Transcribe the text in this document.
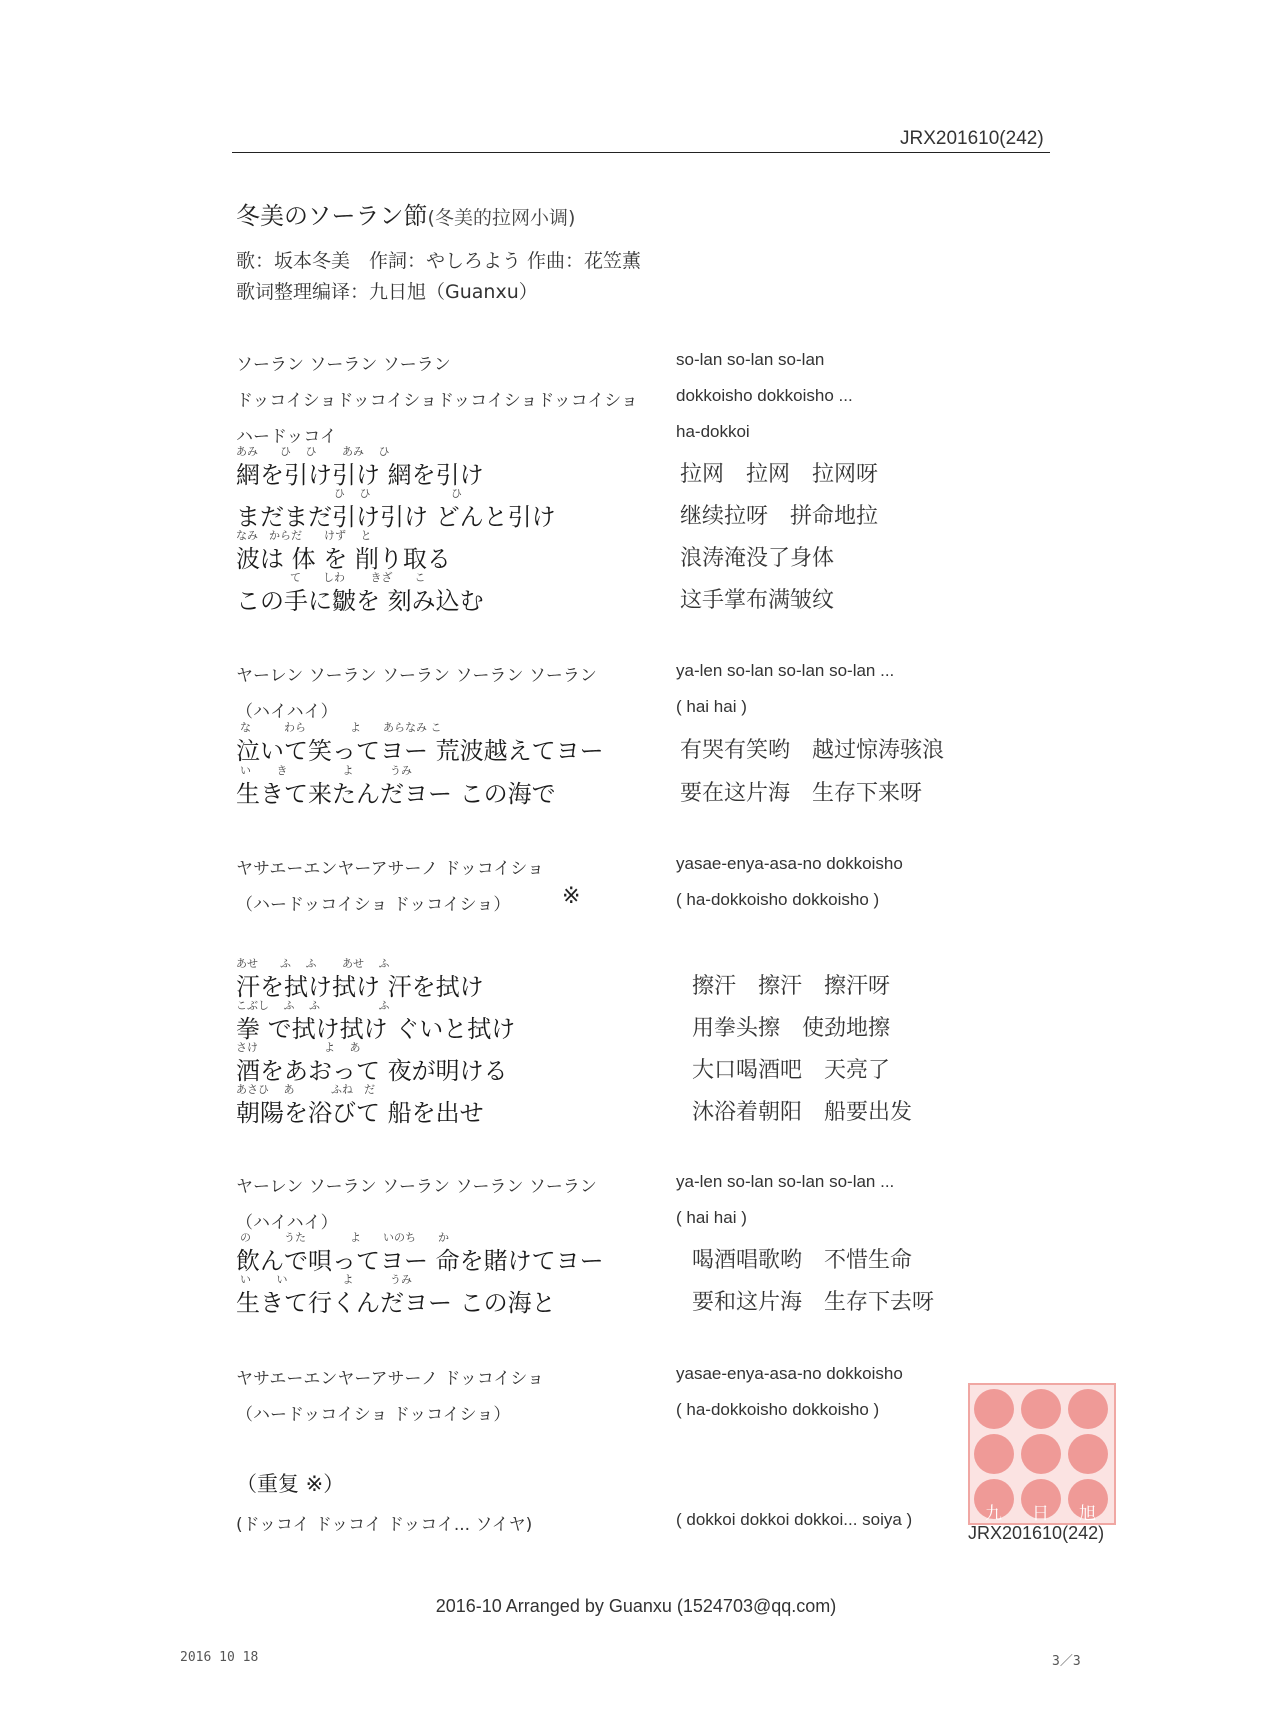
JRX201610(242)
冬美のソーラン節(冬美的拉网小调)
歌：坂本冬美　作詞：やしろよう 作曲：花笠薫
歌词整理编译：九日旭（Guanxu）
ソーラン ソーラン ソーラン	so-lan so-lan so-lan
ドッコイショドッコイショドッコイショドッコイショ dokkoisho dokkoisho ...
ハードッコイ	ha-dokkoi
あみ　　ひ　 ひ　　 あみ　 ひ
網を引け引け 網を引け	拉网　拉网　拉网呀
ひ　 ひ　　　　　　　 ひ
まだまだ引け引け どんと引け	继续拉呀　拼命地拉
なみ　からだ　　けず　 と
波は 体 を 削り取る	浪涛淹没了身体
て　　しわ　　 きざ　　こ
この手に皺を 刻み込む	这手掌布满皱纹
ヤーレン ソーラン ソーラン ソーラン ソーラン	ya-len so-lan so-lan so-lan ...
（ハイハイ）	( hai hai )
な　　　わら　　　　よ　　あらなみ こ
泣いて笑ってヨー 荒波越えてヨー	有哭有笑哟　越过惊涛骇浪
い　　 き　　　　　よ　　　 うみ
生きて来たんだヨー この海で	要在这片海　生存下来呀
ヤサエーエンヤーアサーノ ドッコイショ	yasae-enya-asa-no dokkoisho
（ハードッコイショ ドッコイショ） ※	( ha-dokkoisho dokkoisho )
あせ　　ふ　 ふ　　 あせ　 ふ
汗を拭け拭け 汗を拭け	擦汗　擦汗　擦汗呀
こぶし　 ふ　 ふ　　　　　 ふ
拳 で拭け拭け ぐいと拭け	用拳头擦　使劲地擦
さけ　　　　　　よ　 あ
酒をあおって 夜が明ける	大口喝酒吧　天亮了
あさひ　 あ　　　 ふね　だ
朝陽を浴びて 船を出せ	沐浴着朝阳　船要出发
ヤーレン ソーラン ソーラン ソーラン ソーラン	ya-len so-lan so-lan so-lan ...
（ハイハイ）	( hai hai )
の　　　うた　　　　よ　　いのち　　か
飲んで唄ってヨー 命を賭けてヨー	喝酒唱歌哟　不惜生命
い　　 い　　　　　よ　　　 うみ
生きて行くんだヨー この海と	要和这片海　生存下去呀
ヤサエーエンヤーアサーノ ドッコイショ	yasae-enya-asa-no dokkoisho
（ハードッコイショ ドッコイショ）	( ha-dokkoisho dokkoisho )
（重复 ※）
(ドッコイ ドッコイ ドッコイ... ソイヤ)	( dokkoi dokkoi dokkoi... soiya )	九 日 旭
JRX201610(242)
2016-10 Arranged by Guanxu (1524703@qq.com)
2016 10 18	3／3
